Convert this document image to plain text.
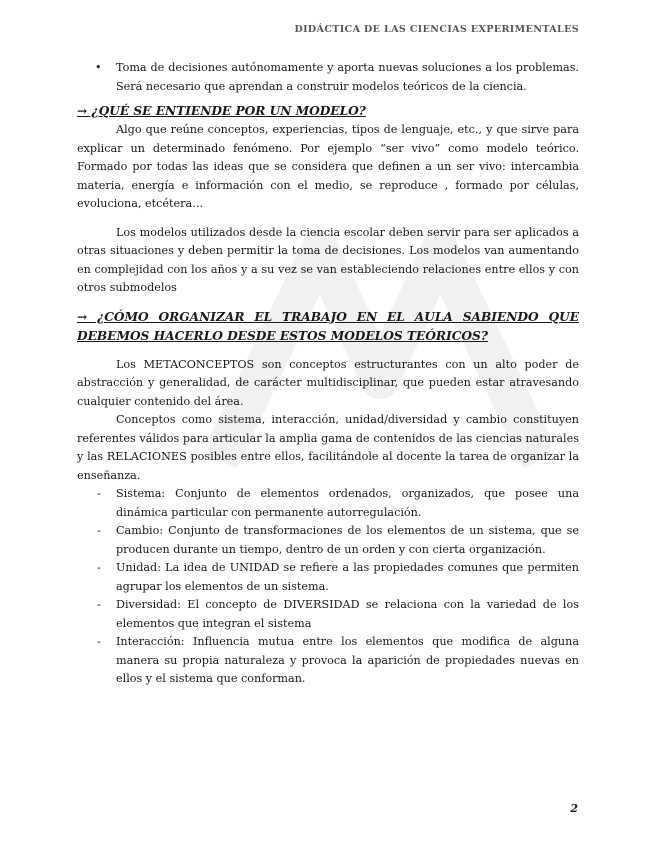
DIDÁCTICA DE LAS CIENCIAS EXPERIMENTALES
•	Toma de decisiones autónomamente y aporta nuevas soluciones a los problemas. Será necesario que aprendan a construir modelos teóricos de la ciencia.

→ ¿QUÉ SE ENTIENDE POR UN MODELO?

Algo que reúne conceptos, experiencias, tipos de lenguaje, etc., y que sirve para explicar un determinado fenómeno. Por ejemplo “ser vivo” como modelo teórico. Formado por todas las ideas que se considera que definen a un ser vivo: intercambia materia, energía e información con el medio, se reproduce , formado por células, evoluciona, etcétera…

Los modelos utilizados desde la ciencia escolar deben servir para ser aplicados a otras situaciones y deben permitir la toma de decisiones. Los modelos van aumentando en complejidad con los años y a su vez se van estableciendo relaciones entre ellos y con otros submodelos

→ ¿CÓMO ORGANIZAR EL TRABAJO EN EL AULA SABIENDO QUE DEBEMOS HACERLO DESDE ESTOS MODELOS TEÓRICOS?

Los METACONCEPTOS son conceptos estructurantes con un alto poder de abstracción y generalidad, de carácter multidisciplinar, que pueden estar atravesando cualquier contenido del área.

Conceptos como sistema, interacción, unidad/diversidad y cambio constituyen referentes válidos para articular la amplia gama de contenidos de las ciencias naturales y las RELACIONES posibles entre ellos, facilitándole al docente la tarea de organizar la enseñanza.

-	Sistema: Conjunto de elementos ordenados, organizados, que posee una dinámica particular con permanente autorregulación.
-	Cambio: Conjunto de transformaciones de los elementos de un sistema, que se producen durante un tiempo, dentro de un orden y con cierta organización.
-	Unidad: La idea de UNIDAD se refiere a las propiedades comunes que permiten agrupar los elementos de un sistema.
-	Diversidad: El concepto de DIVERSIDAD se relaciona con la variedad de los elementos que integran el sistema
-	Interacción: Influencia mutua entre los elementos que modifica de alguna manera su propia naturaleza y provoca la aparición de propiedades nuevas en ellos y el sistema que conforman.
2
